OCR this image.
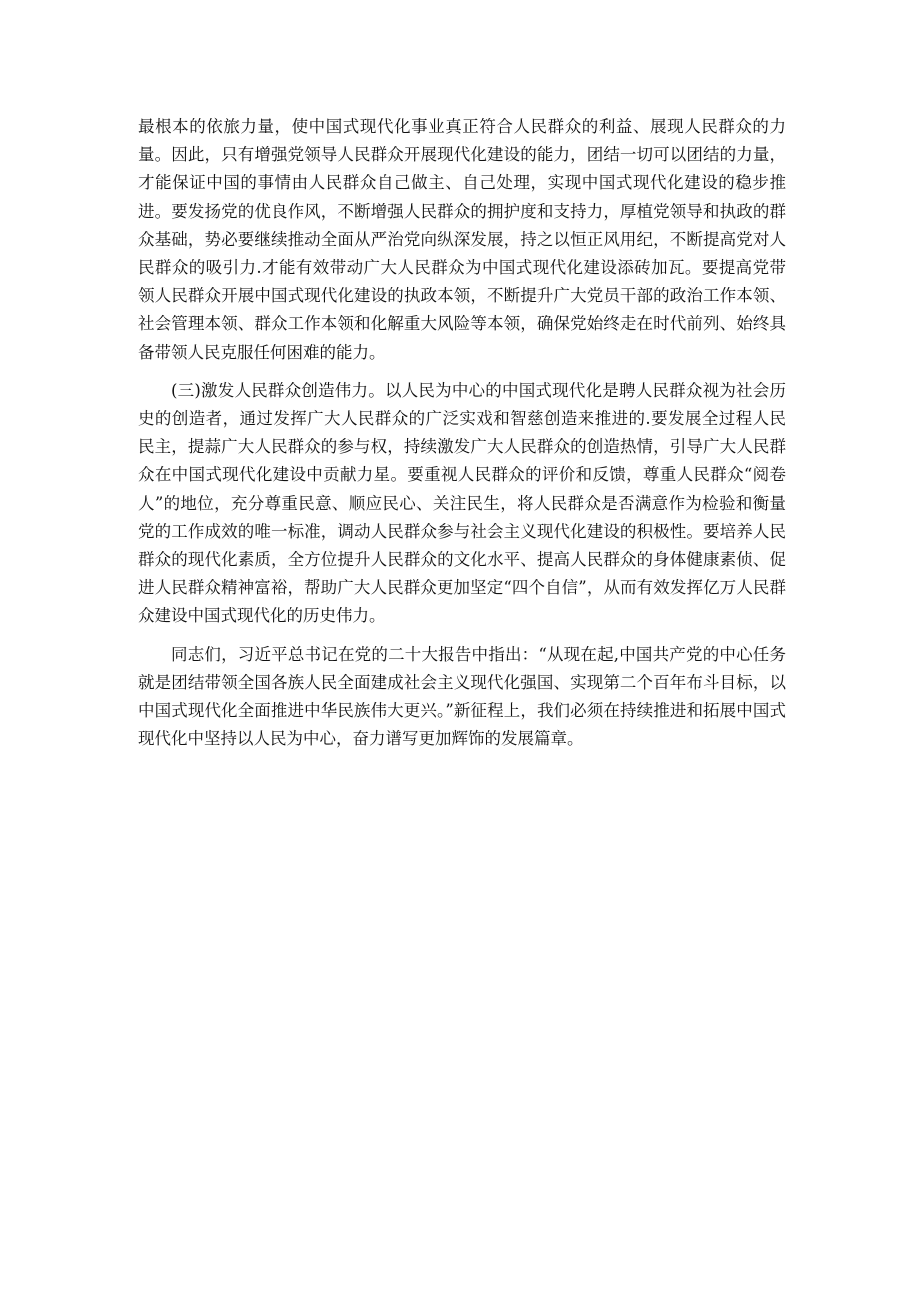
最根本的依旅力量，使中国式现代化事业真正符合人民群众的利益、展现人民群众的力量。因此，只有增强党领导人民群众开展现代化建设的能力，团结一切可以团结的力量，才能保证中国的事情由人民群众自己做主、自己处理，实现中国式现代化建设的稳步推进。要发扬党的优良作风，不断增强人民群众的拥护度和支持力，厚植党领导和执政的群众基础，势必要继续推动全面从严治党向纵深发展，持之以恒正风用纪，不断提高党对人民群众的吸引力.才能有效带动广大人民群众为中国式现代化建设添砖加瓦。要提高党带领人民群众开展中国式现代化建设的执政本领，不断提升广大党员干部的政治工作本领、社会管理本领、群众工作本领和化解重大风险等本领，确保党始终走在时代前列、始终具备带领人民克服任何困难的能力。

(三)激发人民群众创造伟力。以人民为中心的中国式现代化是聘人民群众视为社会历史的创造者，通过发挥广大人民群众的广泛实戏和智慈创造来推进的.要发展全过程人民民主，提蒜广大人民群众的参与权，持续激发广大人民群众的创造热情，引导广大人民群众在中国式现代化建设中贡献力星。要重视人民群众的评价和反馈，尊重人民群众“阅卷人”的地位，充分尊重民意、顺应民心、关注民生，将人民群众是否满意作为检验和衡量党的工作成效的唯一标准，调动人民群众参与社会主义现代化建设的积极性。要培养人民群众的现代化素质，全方位提升人民群众的文化水平、提高人民群众的身体健康素侦、促进人民群众精神富裕，帮助广大人民群众更加坚定“四个自信”，从而有效发挥亿万人民群众建设中国式现代化的历史伟力。

同志们，习近平总书记在党的二十大报告中指出：“从现在起,中国共产党的中心任务就是团结带领全国各族人民全面建成社会主义现代化强国、实现第二个百年布斗目标，以中国式现代化全面推进中华民族伟大更兴。”新征程上，我们必须在持续推进和拓展中国式现代化中坚持以人民为中心，奋力谱写更加辉饰的发展篇章。
